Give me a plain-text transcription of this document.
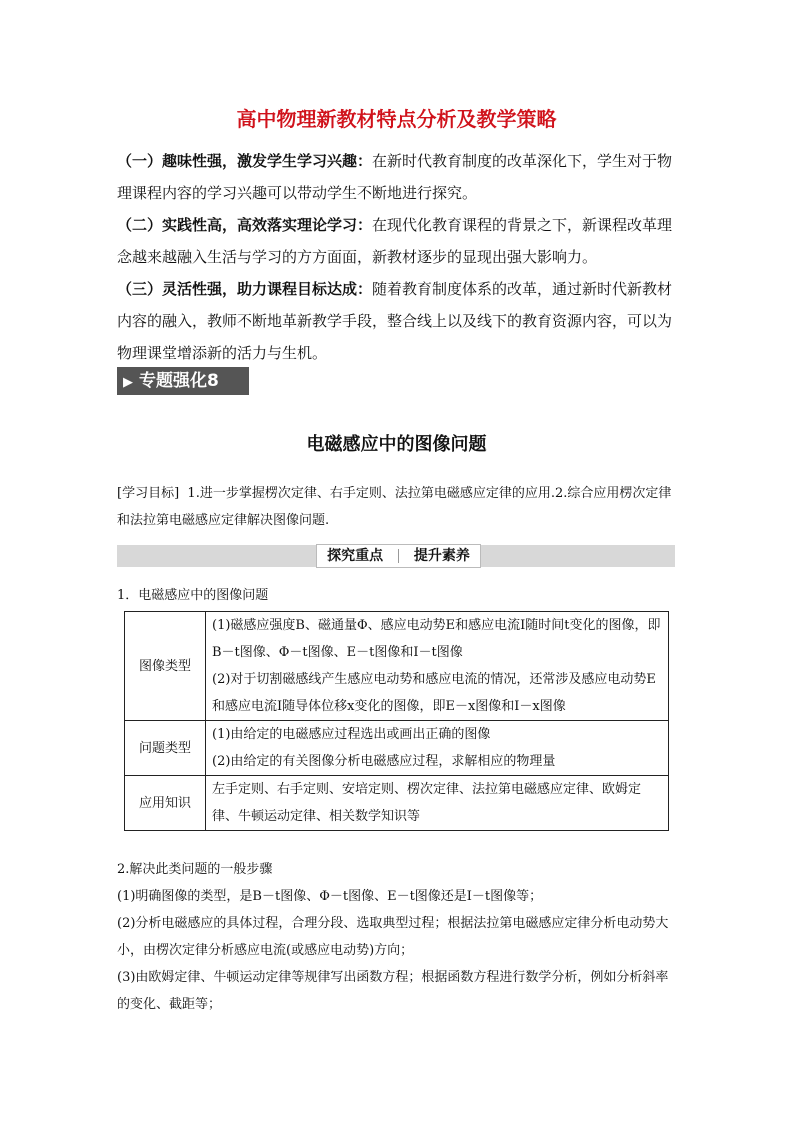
高中物理新教材特点分析及教学策略
（一）趣味性强，激发学生学习兴趣：在新时代教育制度的改革深化下，学生对于物理课程内容的学习兴趣可以带动学生不断地进行探究。
（二）实践性高，高效落实理论学习：在现代化教育课程的背景之下，新课程改革理念越来越融入生活与学习的方方面面，新教材逐步的显现出强大影响力。
（三）灵活性强，助力课程目标达成：随着教育制度体系的改革，通过新时代新教材内容的融入，教师不断地革新教学手段，整合线上以及线下的教育资源内容，可以为物理课堂增添新的活力与生机。
▶ 专题强化8
电磁感应中的图像问题
[学习目标] 1.进一步掌握楞次定律、右手定则、法拉第电磁感应定律的应用.2.综合应用楞次定律和法拉第电磁感应定律解决图像问题.
探究重点 提升素养
1．电磁感应中的图像问题
图像类型	(1)磁感应强度B、磁通量Φ、感应电动势E和感应电流I随时间t变化的图像，即B－t图像、Φ－t图像、E－t图像和I－t图像
(2)对于切割磁感线产生感应电动势和感应电流的情况，还常涉及感应电动势E和感应电流I随导体位移x变化的图像，即E－x图像和I－x图像

问题类型	(1)由给定的电磁感应过程选出或画出正确的图像
(2)由给定的有关图像分析电磁感应过程，求解相应的物理量

应用知识	左手定则、右手定则、安培定则、楞次定律、法拉第电磁感应定律、欧姆定律、牛顿运动定律、相关数学知识等
2.解决此类问题的一般步骤
(1)明确图像的类型，是B－t图像、Φ－t图像、E－t图像还是I－t图像等；
(2)分析电磁感应的具体过程，合理分段、选取典型过程；根据法拉第电磁感应定律分析电动势大小，由楞次定律分析感应电流(或感应电动势)方向；
(3)由欧姆定律、牛顿运动定律等规律写出函数方程；根据函数方程进行数学分析，例如分析斜率的变化、截距等；
